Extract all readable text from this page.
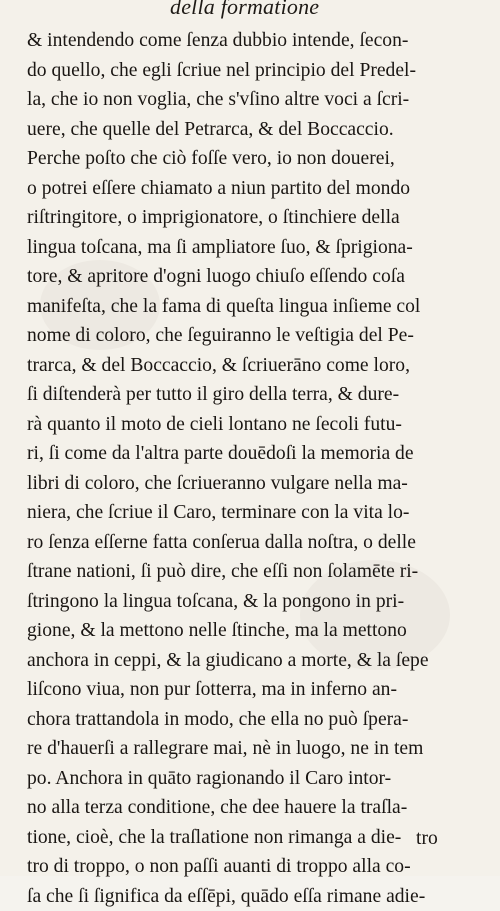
della formatione
& intendendo come ſenza dubbio intende, ſecon-
do quello, che egli ſcriue nel principio del Predel-
la, che io non voglia, che s'vſino altre voci a ſcri-
uere, che quelle del Petrarca, & del Boccaccio.
Perche poſto che ciò foſſe vero, io non douerei,
o potrei eſſere chiamato a niun partito del mondo
riſtringitore, o imprigionatore, o ſtinchiere della
lingua toſcana, ma ſi ampliatore ſuo, & ſprigiona-
tore, & apritore d'ogni luogo chiuſo eſſendo coſa
manifeſta, che la fama di queſta lingua inſieme col
nome di coloro, che ſeguiranno le veſtigia del Pe-
trarca, & del Boccaccio, & ſcriuerāno come loro,
ſi diſtenderà per tutto il giro della terra, & dure-
rà quanto il moto de cieli lontano ne ſecoli futu-
ri, ſi come da l'altra parte douēdoſi la memoria de
libri di coloro, che ſcriueranno vulgare nella ma-
niera, che ſcriue il Caro, terminare con la vita lo-
ro ſenza eſſerne fatta conſerua dalla noſtra, o delle
ſtrane nationi, ſi può dire, che eſſi non ſolamēte ri-
ſtringono la lingua toſcana, & la pongono in pri-
gione, & la mettono nelle ſtinche, ma la mettono
anchora in ceppi, & la giudicano a morte, & la ſepe
liſcono viua, non pur ſotterra, ma in inferno an-
chora trattandola in modo, che ella no può ſpera-
re d'hauerſi a rallegrare mai, nè in luogo, ne in tem
po. Anchora in quāto ragionando il Caro intor-
no alla terza conditione, che dee hauere la traſla-
tione, cioè, che la traſlatione non rimanga a die-
tro di troppo, o non paſſi auanti di troppo alla co-
ſa che ſi ſignifica da eſſēpi, quādo eſſa rimane adie-
tro
